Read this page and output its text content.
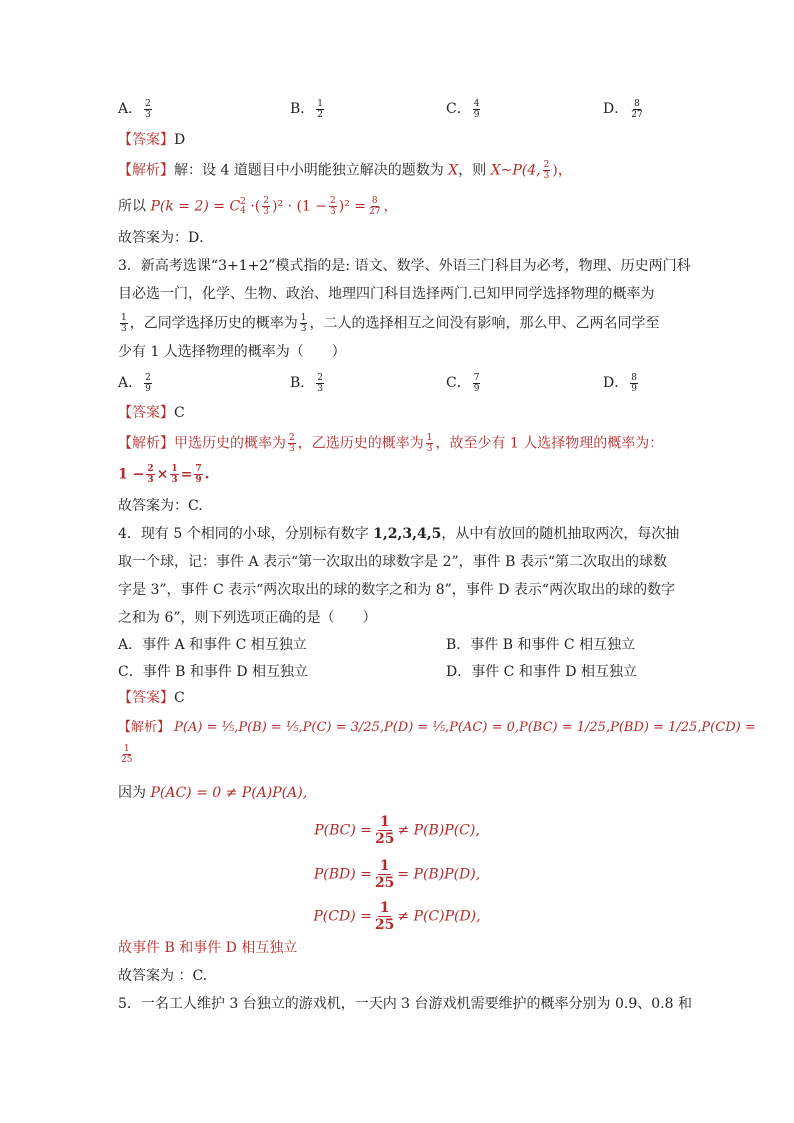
A． $\frac{2}{3}$	B． $\frac{1}{2}$	C． $\frac{4}{9}$	D． $\frac{8}{27}$
【答案】D
【解析】解：设 4 道题目中小明能独立解决的题数为 X，则 X~P(4, $\frac{2}{3}$ )，
所以 P(k = 2) = C 2
4 ·( $\frac{2}{3} )^2 \cdot (1 - \frac{2}{3} )^2 = \frac{8}{27}$ ，
故答案为：D．
3．新高考选课“3+1+2”模式指的是: 语文、数学、外语三门科目为必考，物理、历史两门科
目必选一门，化学、生物、政治、地理四门科目选择两门.已知甲同学选择物理的概率为
$\frac{1}{3}$ ，乙同学选择历史的概率为 $\frac{1}{3}$ ，二人的选择相互之间没有影响，那么甲、乙两名同学至
少有 1 人选择物理的概率为（　　）
A． $\frac{2}{9}$	B． $\frac{2}{3}$	C． $\frac{7}{9}$	D． $\frac{8}{9}$
【答案】C
【解析】甲选历史的概率为 $\frac{2}{3}$ ，乙选历史的概率为 $\frac{1}{3}$ ，故至少有 1 人选择物理的概率为：
$1 - \frac{2}{3} \times \frac{1}{3} = \frac{7}{9}$ .
故答案为：C.
4．现有 5 个相同的小球，分别标有数字 1,2,3,4,5，从中有放回的随机抽取两次，每次抽
取一个球，记：事件 A 表示“第一次取出的球数字是 2”，事件 B 表示“第二次取出的球数
字是 3”，事件 C 表示“两次取出的球的数字之和为 8”，事件 D 表示“两次取出的球的数字
之和为 6”，则下列选项正确的是（　　）
A．事件 A 和事件 C 相互独立	B．事件 B 和事件 C 相互独立
C．事件 B 和事件 D 相互独立	D．事件 C 和事件 D 相互独立
【答案】C
【解析】 P(A) = ⅕,P(B) = ⅕,P(C) = 3/25,P(D) = ⅕,P(AC) = 0,P(BC) = 1/25,P(BD) = 1/25,P(CD) =
$\frac{1}{25}$
因为 P(AC) = 0 ≠ P(A)P(A),
$P(BC) = \frac{1}{25} \ne P(B)P(C)$,
$P(BD) = \frac{1}{25} = P(B)P(D)$,
$P(CD) = \frac{1}{25} \ne P(C)P(D)$,
故事件 B 和事件 D 相互独立
故答案为 ：C.
5．一名工人维护 3 台独立的游戏机，一天内 3 台游戏机需要维护的概率分别为 0.9、0.8 和
